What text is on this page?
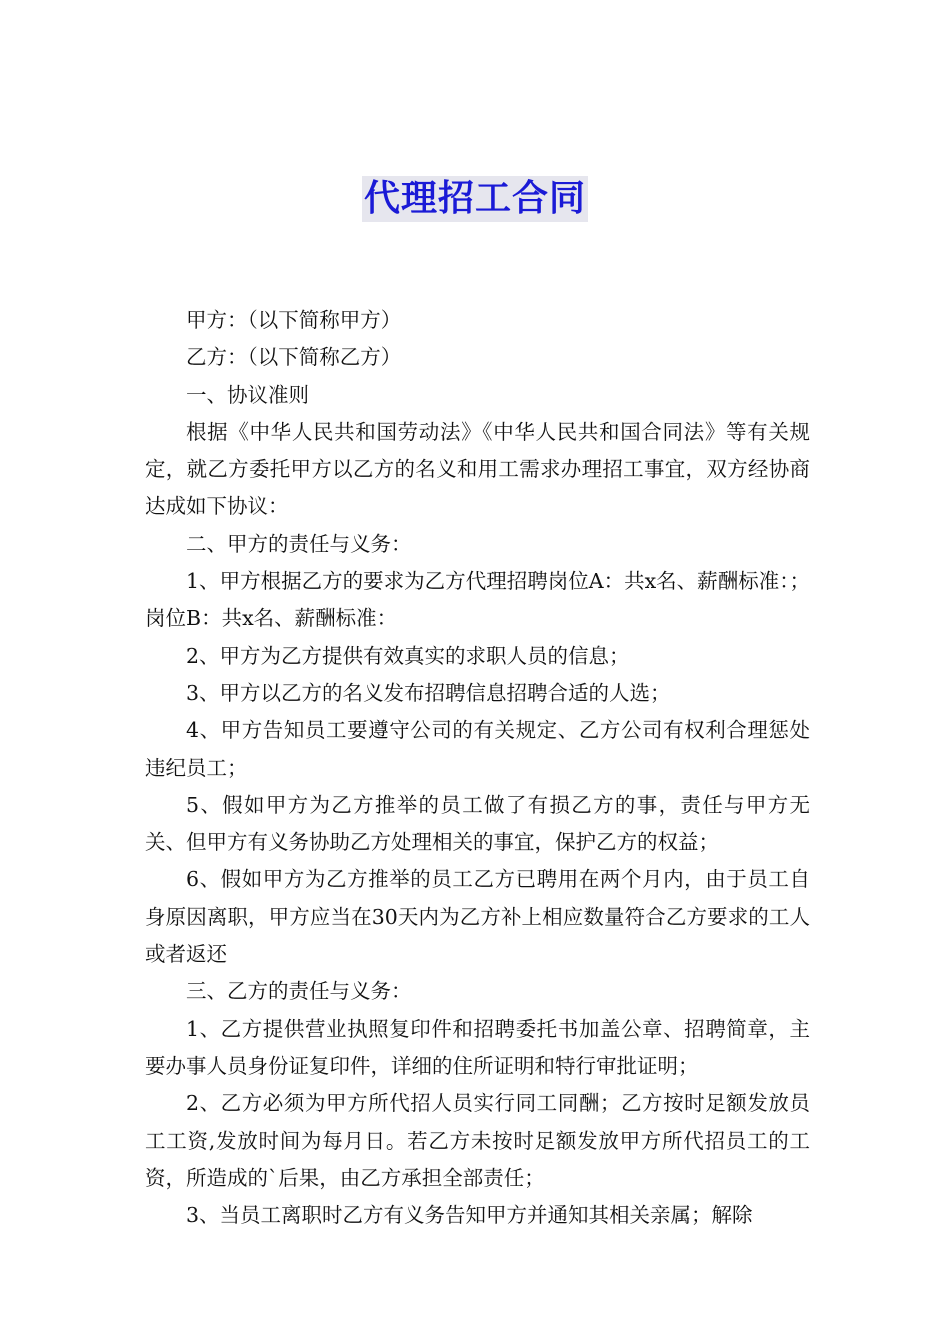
代理招工合同

甲方：（以下简称甲方）

乙方：（以下简称乙方）

一、协议准则

根据《中华人民共和国劳动法》《中华人民共和国合同法》等有关规定，就乙方委托甲方以乙方的名义和用工需求办理招工事宜，双方经协商达成如下协议：

二、甲方的责任与义务：

1、甲方根据乙方的要求为乙方代理招聘岗位A：共x名、薪酬标准：；岗位B：共x名、薪酬标准：

2、甲方为乙方提供有效真实的求职人员的信息；

3、甲方以乙方的名义发布招聘信息招聘合适的人选；

4、甲方告知员工要遵守公司的有关规定、乙方公司有权利合理惩处违纪员工；

5、假如甲方为乙方推举的员工做了有损乙方的事，责任与甲方无关、但甲方有义务协助乙方处理相关的事宜，保护乙方的权益；

6、假如甲方为乙方推举的员工乙方已聘用在两个月内，由于员工自身原因离职，甲方应当在30天内为乙方补上相应数量符合乙方要求的工人或者返还

三、乙方的责任与义务：

1、乙方提供营业执照复印件和招聘委托书加盖公章、招聘简章，主要办事人员身份证复印件，详细的住所证明和特行审批证明；

2、乙方必须为甲方所代招人员实行同工同酬；乙方按时足额发放员工工资,发放时间为每月日。若乙方未按时足额发放甲方所代招员工的工资，所造成的`后果，由乙方承担全部责任；

3、当员工离职时乙方有义务告知甲方并通知其相关亲属；解除
